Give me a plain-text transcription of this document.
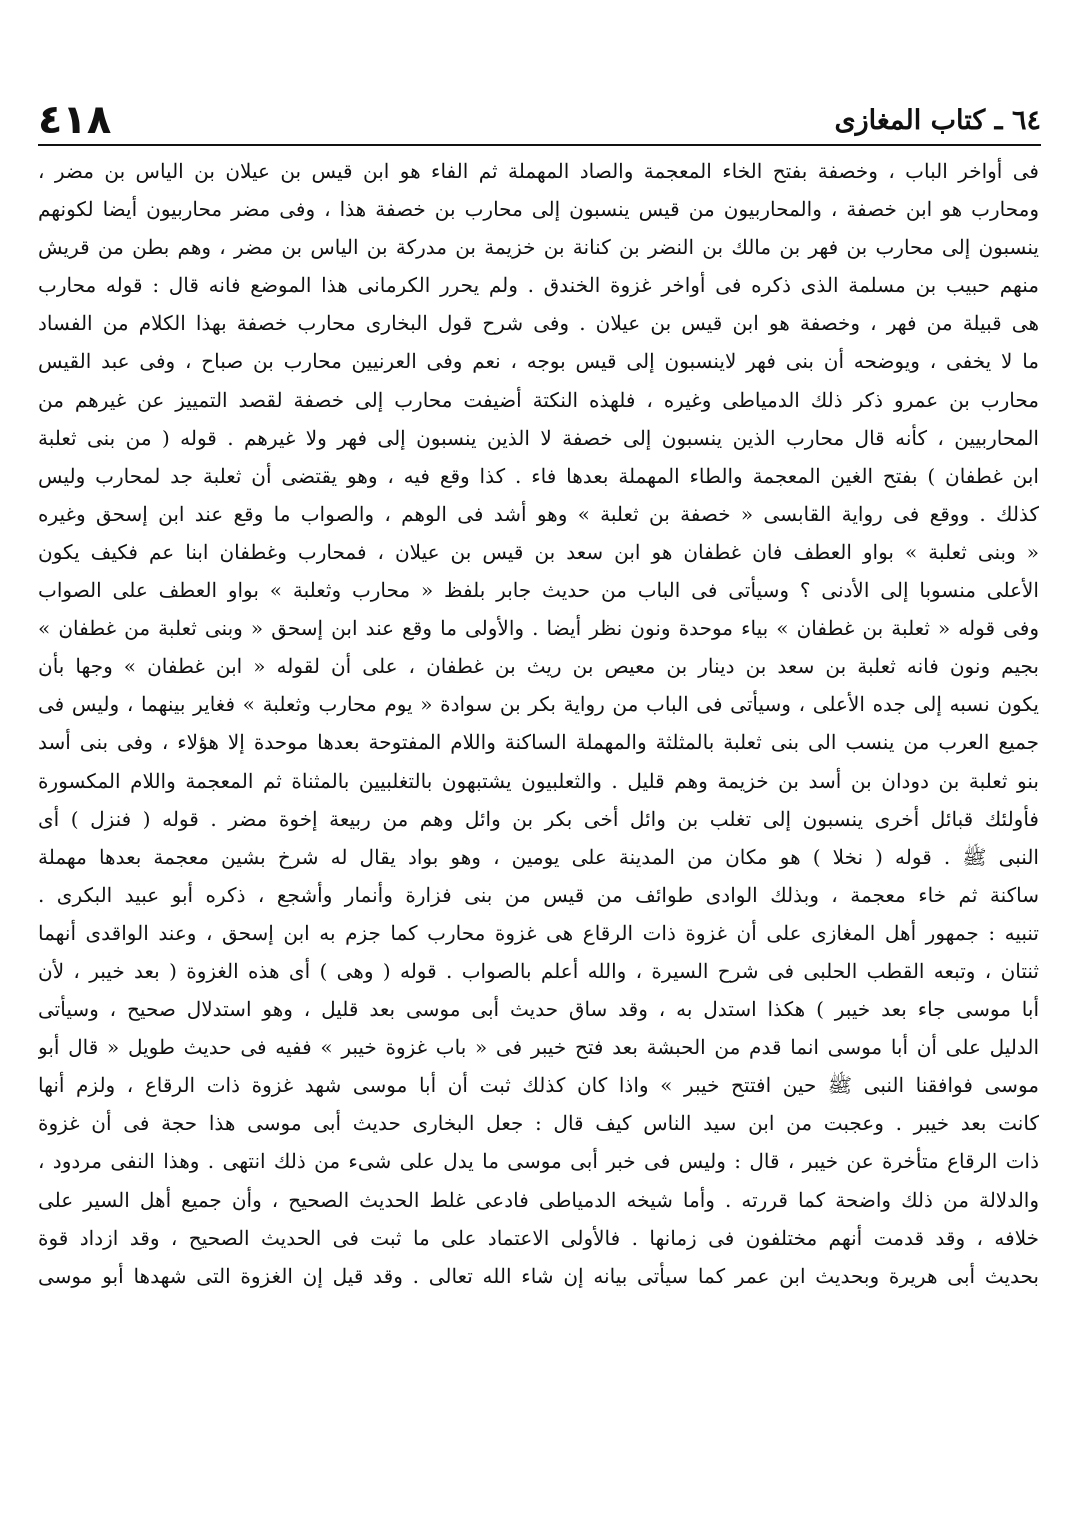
٤١٨	٦٤ ـ كتاب المغازى
فى أواخر الباب ، وخصفة بفتح الخاء المعجمة والصاد المهملة ثم الفاء هو ابن قيس بن عيلان بن الياس بن مضر ،
ومحارب هو ابن خصفة ، والمحاربيون من قيس ينسبون إلى محارب بن خصفة هذا ، وفى مضر محاربيون أيضا لكونهم
ينسبون إلى محارب بن فهر بن مالك بن النضر بن كنانة بن خزيمة بن مدركة بن الياس بن مضر ، وهم بطن من قريش
منهم حبيب بن مسلمة الذى ذكره فى أواخر غزوة الخندق . ولم يحرر الكرمانى هذا الموضع فانه قال : قوله محارب
هى قبيلة من فهر ، وخصفة هو ابن قيس بن عيلان . وفى شرح قول البخارى محارب خصفة بهذا الكلام من الفساد
ما لا يخفى ، ويوضحه أن بنى فهر لاينسبون إلى قيس بوجه ، نعم وفى العرنيين محارب بن صباح ، وفى عبد القيس
محارب بن عمرو ذكر ذلك الدمياطى وغيره ، فلهذه النكتة أضيفت محارب إلى خصفة لقصد التمييز عن غيرهم من
المحاربيين ، كأنه قال محارب الذين ينسبون إلى خصفة لا الذين ينسبون إلى فهر ولا غيرهم . قوله ( من بنى ثعلبة
ابن غطفان ) بفتح الغين المعجمة والطاء المهملة بعدها فاء . كذا وقع فيه ، وهو يقتضى أن ثعلبة جد لمحارب وليس
كذلك . ووقع فى رواية القابسى « خصفة بن ثعلبة » وهو أشد فى الوهم ، والصواب ما وقع عند ابن إسحق وغيره
« وبنى ثعلبة » بواو العطف فان غطفان هو ابن سعد بن قيس بن عيلان ، فمحارب وغطفان ابنا عم فكيف يكون
الأعلى منسوبا إلى الأدنى ؟ وسيأتى فى الباب من حديث جابر بلفظ « محارب وثعلبة » بواو العطف على الصواب
وفى قوله « ثعلبة بن غطفان » بياء موحدة ونون نظر أيضا . والأولى ما وقع عند ابن إسحق « وبنى ثعلبة من غطفان »
بجيم ونون فانه ثعلبة بن سعد بن دينار بن معيص بن ريث بن غطفان ، على أن لقوله « ابن غطفان » وجها بأن
يكون نسبه إلى جده الأعلى ، وسيأتى فى الباب من رواية بكر بن سوادة « يوم محارب وثعلبة » فغاير بينهما ، وليس فى
جميع العرب من ينسب الى بنى ثعلبة بالمثلثة والمهملة الساكنة واللام المفتوحة بعدها موحدة إلا هؤلاء ، وفى بنى أسد
بنو ثعلبة بن دودان بن أسد بن خزيمة وهم قليل . والثعلبيون يشتبهون بالتغلبيين بالمثناة ثم المعجمة واللام المكسورة
فأولئك قبائل أخرى ينسبون إلى تغلب بن وائل أخى بكر بن وائل وهم من ربيعة إخوة مضر . قوله ( فنزل ) أى
النبى ﷺ . قوله ( نخلا ) هو مكان من المدينة على يومين ، وهو بواد يقال له شرخ بشين معجمة بعدها مهملة
ساكنة ثم خاء معجمة ، وبذلك الوادى طوائف من قيس من بنى فزارة وأنمار وأشجع ، ذكره أبو عبيد البكرى .
تنبيه : جمهور أهل المغازى على أن غزوة ذات الرقاع هى غزوة محارب كما جزم به ابن إسحق ، وعند الواقدى أنهما
ثنتان ، وتبعه القطب الحلبى فى شرح السيرة ، والله أعلم بالصواب . قوله ( وهى ) أى هذه الغزوة ( بعد خيبر ، لأن
أبا موسى جاء بعد خيبر ) هكذا استدل به ، وقد ساق حديث أبى موسى بعد قليل ، وهو استدلال صحيح ، وسيأتى
الدليل على أن أبا موسى انما قدم من الحبشة بعد فتح خيبر فى « باب غزوة خيبر » ففيه فى حديث طويل « قال أبو
موسى فوافقنا النبى ﷺ حين افتتح خيبر » واذا كان كذلك ثبت أن أبا موسى شهد غزوة ذات الرقاع ، ولزم أنها
كانت بعد خيبر . وعجبت من ابن سيد الناس كيف قال : جعل البخارى حديث أبى موسى هذا حجة فى أن غزوة
ذات الرقاع متأخرة عن خيبر ، قال : وليس فى خبر أبى موسى ما يدل على شىء من ذلك انتهى . وهذا النفى مردود ،
والدلالة من ذلك واضحة كما قررته . وأما شيخه الدمياطى فادعى غلط الحديث الصحيح ، وأن جميع أهل السير على
خلافه ، وقد قدمت أنهم مختلفون فى زمانها . فالأولى الاعتماد على ما ثبت فى الحديث الصحيح ، وقد ازداد قوة
بحديث أبى هريرة وبحديث ابن عمر كما سيأتى بيانه إن شاء الله تعالى . وقد قيل إن الغزوة التى شهدها أبو موسى
